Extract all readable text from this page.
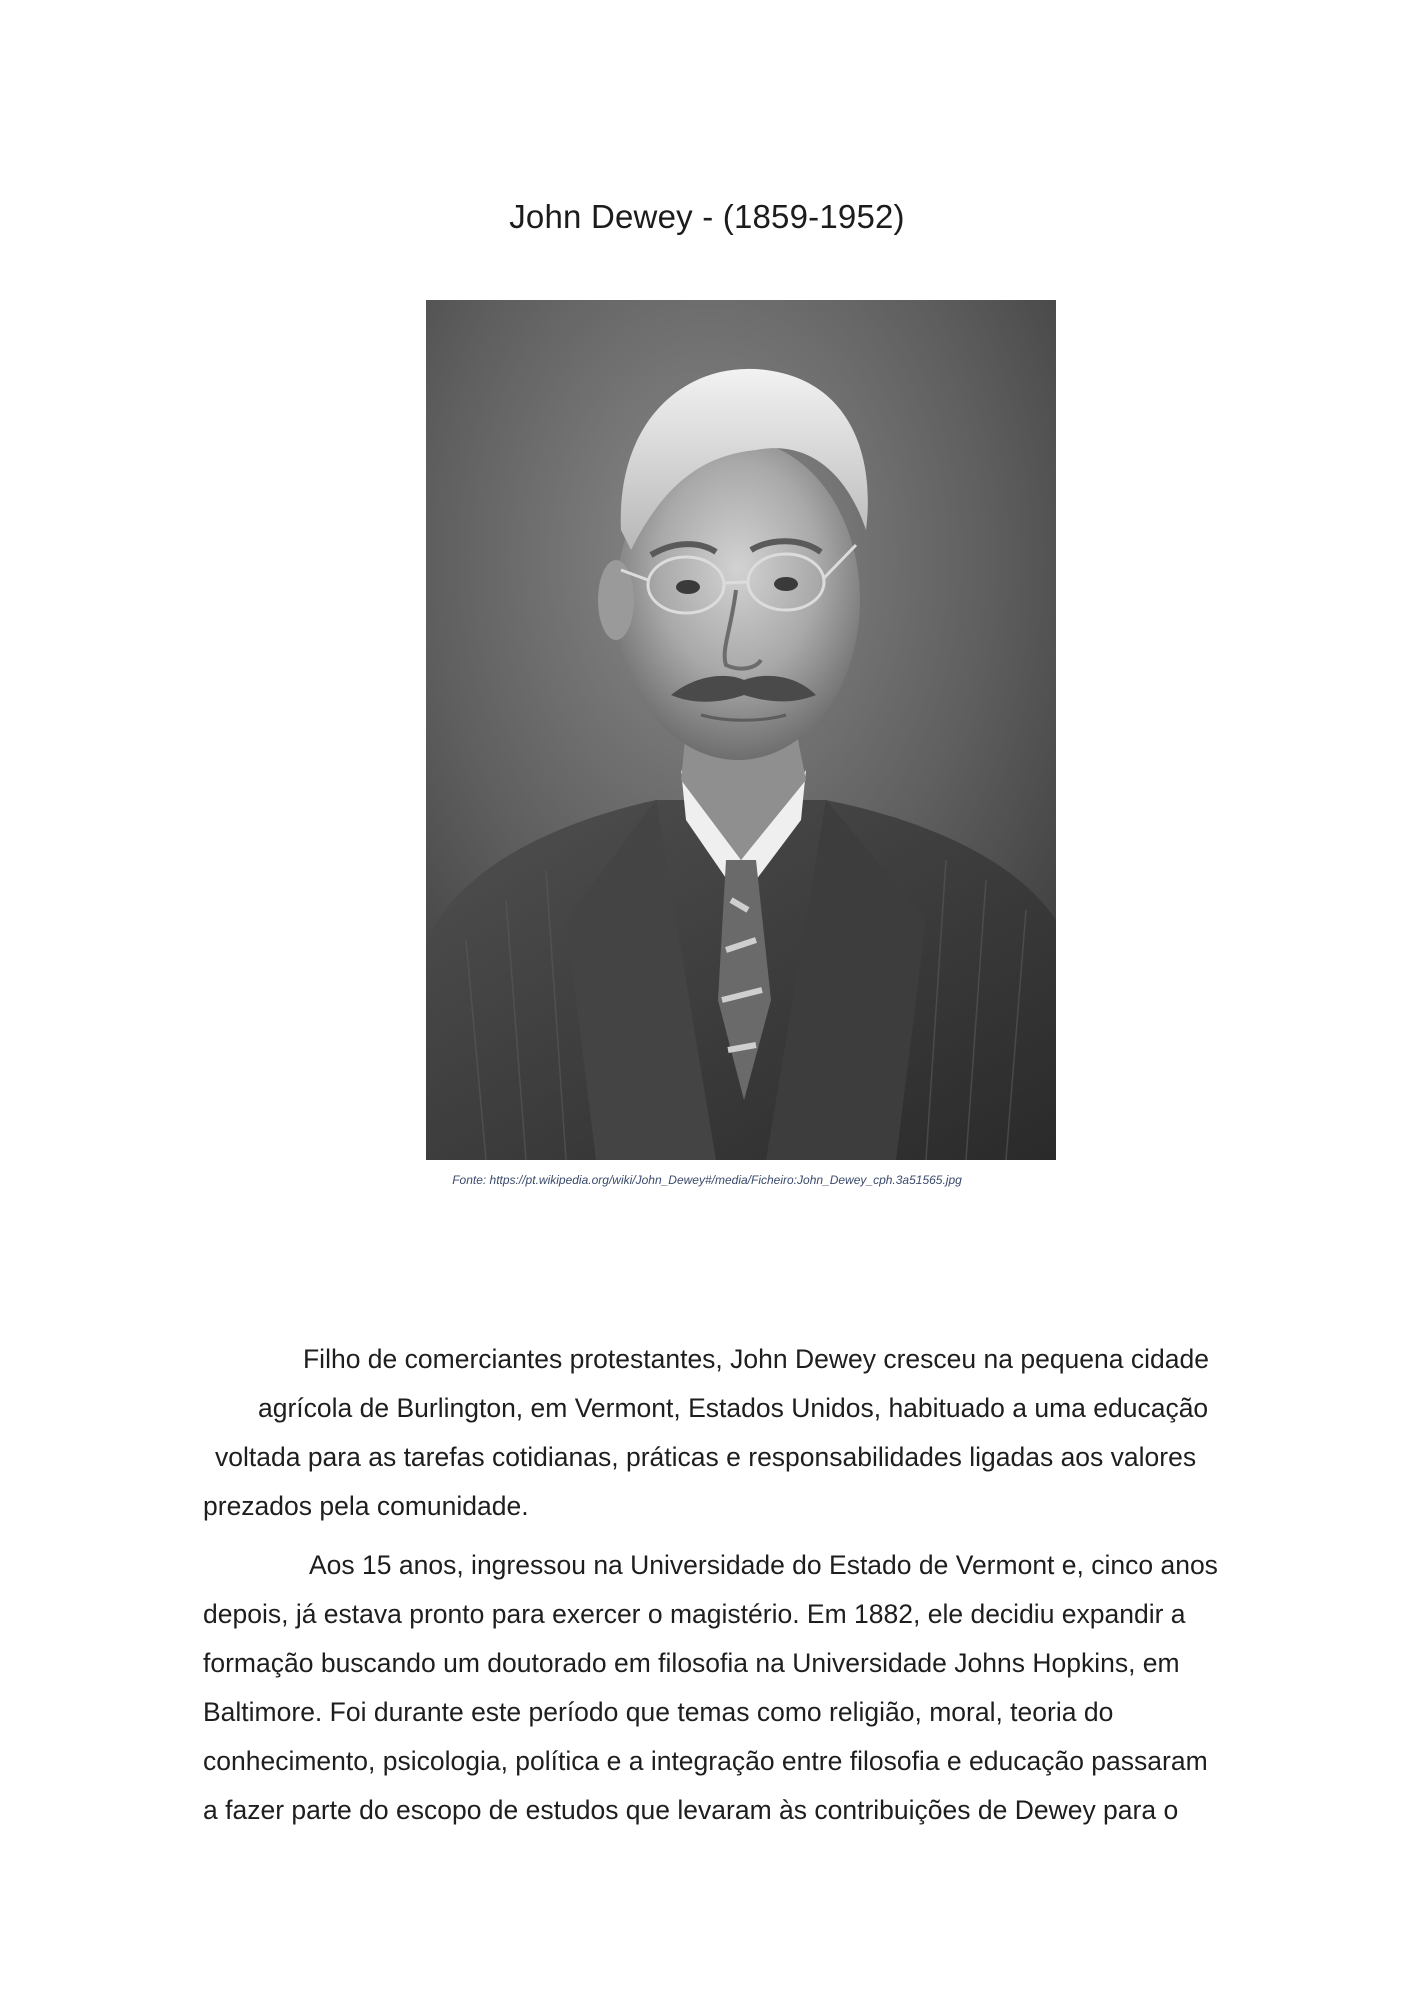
John Dewey - (1859-1952)
Fonte: https://pt.wikipedia.org/wiki/John_Dewey#/media/Ficheiro:John_Dewey_cph.3a51565.jpg
Filho de comerciantes protestantes, John Dewey cresceu na pequena cidade
agrícola de Burlington, em Vermont, Estados Unidos, habituado a uma educação
voltada para as tarefas cotidianas, práticas e responsabilidades ligadas aos valores
prezados pela comunidade.
Aos 15 anos, ingressou na Universidade do Estado de Vermont e, cinco anos
depois, já estava pronto para exercer o magistério. Em 1882, ele decidiu expandir a
formação buscando um doutorado em filosofia na Universidade Johns Hopkins, em
Baltimore. Foi durante este período que temas como religião, moral, teoria do
conhecimento, psicologia, política e a integração entre filosofia e educação passaram
a fazer parte do escopo de estudos que levaram às contribuições de Dewey para o
